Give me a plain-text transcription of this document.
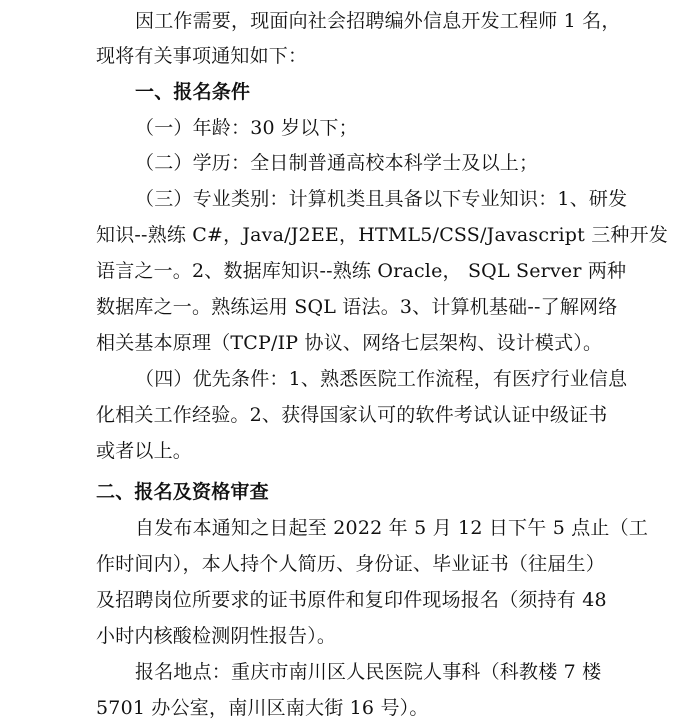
因工作需要，现面向社会招聘编外信息开发工程师 1 名，
现将有关事项通知如下：
一、报名条件
（一）年龄：30 岁以下；
（二）学历：全日制普通高校本科学士及以上；
（三）专业类别：计算机类且具备以下专业知识：1、研发
知识--熟练 C#，Java/J2EE，HTML5/CSS/Javascript 三种开发
语言之一。2、数据库知识--熟练 Oracle， SQL Server 两种
数据库之一。熟练运用 SQL 语法。3、计算机基础--了解网络
相关基本原理（TCP/IP 协议、网络七层架构、设计模式）。
（四）优先条件：1、熟悉医院工作流程，有医疗行业信息
化相关工作经验。2、获得国家认可的软件考试认证中级证书
或者以上。
二、报名及资格审查
自发布本通知之日起至 2022 年 5 月 12 日下午 5 点止（工
作时间内），本人持个人简历、身份证、毕业证书（往届生）
及招聘岗位所要求的证书原件和复印件现场报名（须持有 48
小时内核酸检测阴性报告）。
报名地点：重庆市南川区人民医院人事科（科教楼 7 楼
5701 办公室，南川区南大街 16 号）。
